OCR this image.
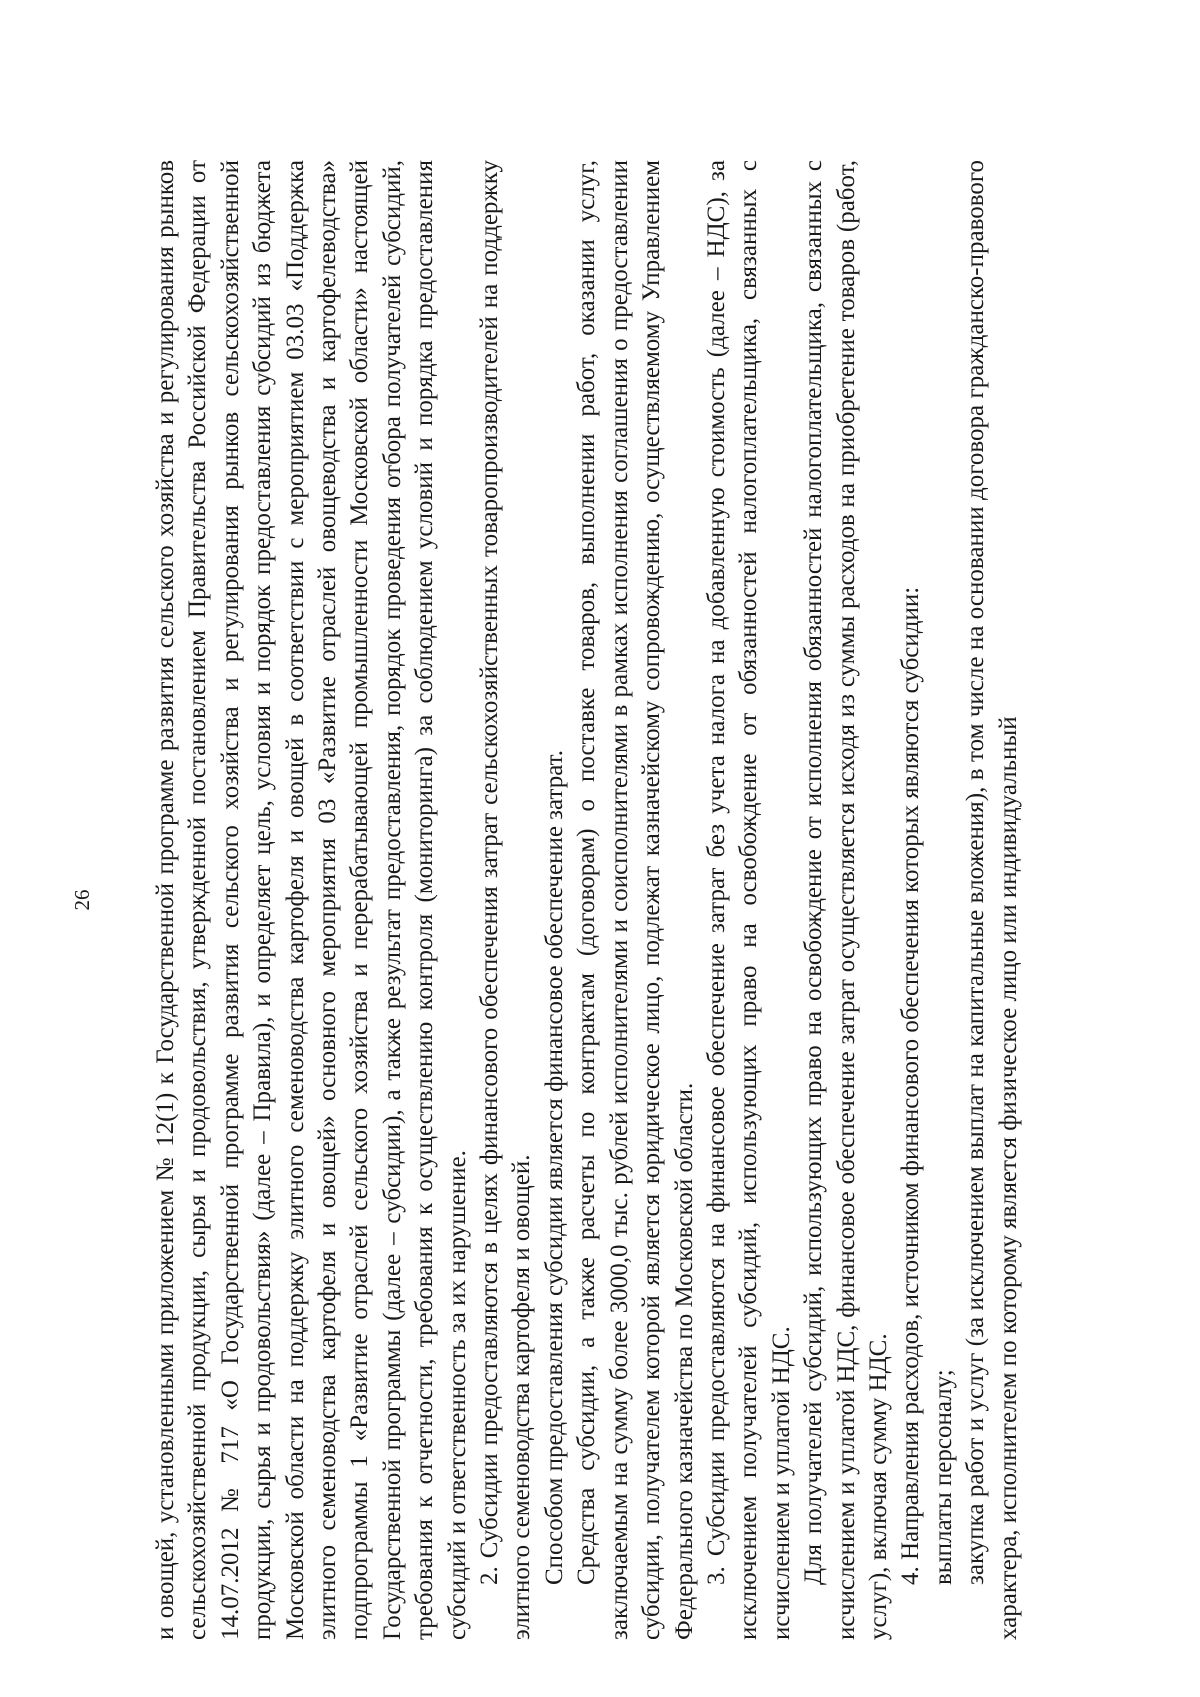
26 и овощей, установленными приложением № 12(1) к Государственной программе развития сельского хозяйства и регулирования рынков сельскохозяйственной продукции, сырья и продовольствия, утвержденной постановлением Правительства Российской Федерации от 14.07.2012 № 717 «О Государственной программе развития сельского хозяйства и регулирования рынков сельскохозяйственной продукции, сырья и продовольствия» (далее – Правила), и определяет цель, условия и порядок предоставления субсидий из бюджета Московской области на поддержку элитного семеноводства картофеля и овощей в соответствии с мероприятием 03.03 «Поддержка элитного семеноводства картофеля и овощей» основного мероприятия 03 «Развитие отраслей овощеводства и картофелеводства» подпрограммы 1 «Развитие отраслей сельского хозяйства и перерабатывающей промышленности Московской области» настоящей Государственной программы (далее – субсидии), а также результат предоставления, порядок проведения отбора получателей субсидий, требования к отчетности, требования к осуществлению контроля (мониторинга) за соблюдением условий и порядка предоставления субсидий и ответственность за их нарушение. 2. Субсидии предоставляются в целях финансового обеспечения затрат сельскохозяйственных товаропроизводителей на поддержку элитного семеноводства картофеля и овощей. Способом предоставления субсидии является финансовое обеспечение затрат. Средства субсидии, а также расчеты по контрактам (договорам) о поставке товаров, выполнении работ, оказании услуг, заключаемым на сумму более 3000,0 тыс. рублей исполнителями и соисполнителями в рамках исполнения соглашения о предоставлении субсидии, получателем которой является юридическое лицо, подлежат казначейскому сопровождению, осуществляемому Управлением Федерального казначейства по Московской области. 3. Субсидии предоставляются на финансовое обеспечение затрат без учета налога на добавленную стоимость (далее – НДС), за исключением получателей субсидий, использующих право на освобождение от обязанностей налогоплательщика, связанных с исчислением и уплатой НДС. Для получателей субсидий, использующих право на освобождение от исполнения обязанностей налогоплательщика, связанных с исчислением и уплатой НДС, финансовое обеспечение затрат осуществляется исходя из суммы расходов на приобретение товаров (работ, услуг), включая сумму НДС. 4. Направления расходов, источником финансового обеспечения которых являются субсидии: выплаты персоналу; закупка работ и услуг (за исключением выплат на капитальные вложения), в том числе на основании договора гражданско-правового характера, исполнителем по которому является физическое лицо или индивидуальный
